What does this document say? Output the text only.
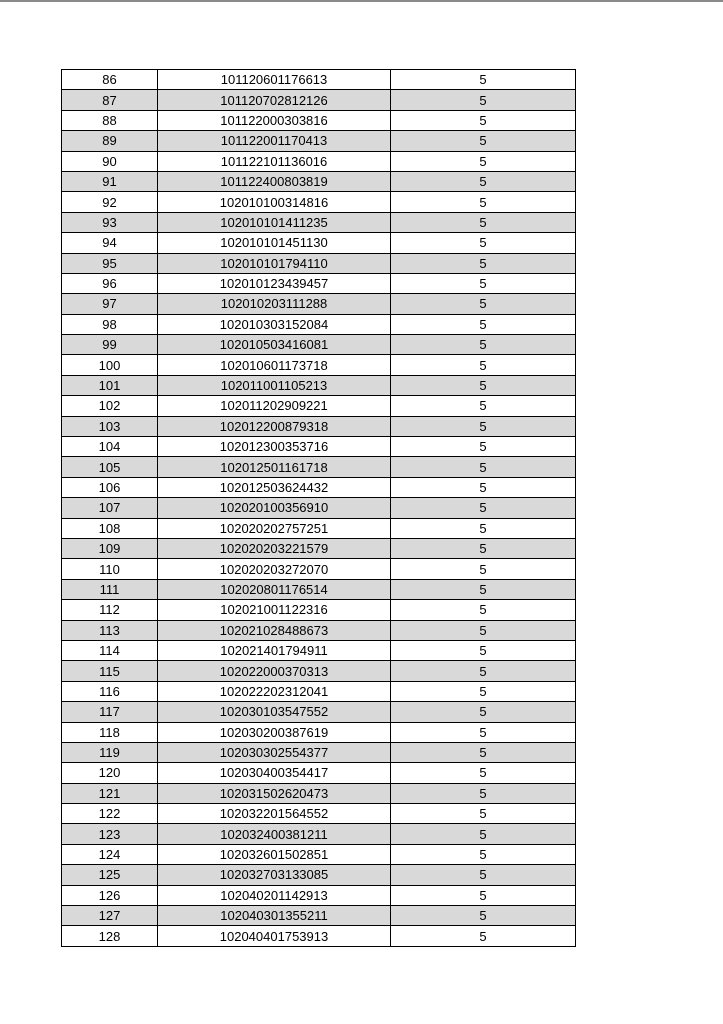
86	101120601176613	5
87	101120702812126	5
88	101122000303816	5
89	101122001170413	5
90	101122101136016	5
91	101122400803819	5
92	102010100314816	5
93	102010101411235	5
94	102010101451130	5
95	102010101794110	5
96	102010123439457	5
97	102010203111288	5
98	102010303152084	5
99	102010503416081	5
100	102010601173718	5
101	102011001105213	5
102	102011202909221	5
103	102012200879318	5
104	102012300353716	5
105	102012501161718	5
106	102012503624432	5
107	102020100356910	5
108	102020202757251	5
109	102020203221579	5
110	102020203272070	5
111	102020801176514	5
112	102021001122316	5
113	102021028488673	5
114	102021401794911	5
115	102022000370313	5
116	102022202312041	5
117	102030103547552	5
118	102030200387619	5
119	102030302554377	5
120	102030400354417	5
121	102031502620473	5
122	102032201564552	5
123	102032400381211	5
124	102032601502851	5
125	102032703133085	5
126	102040201142913	5
127	102040301355211	5
128	102040401753913	5
